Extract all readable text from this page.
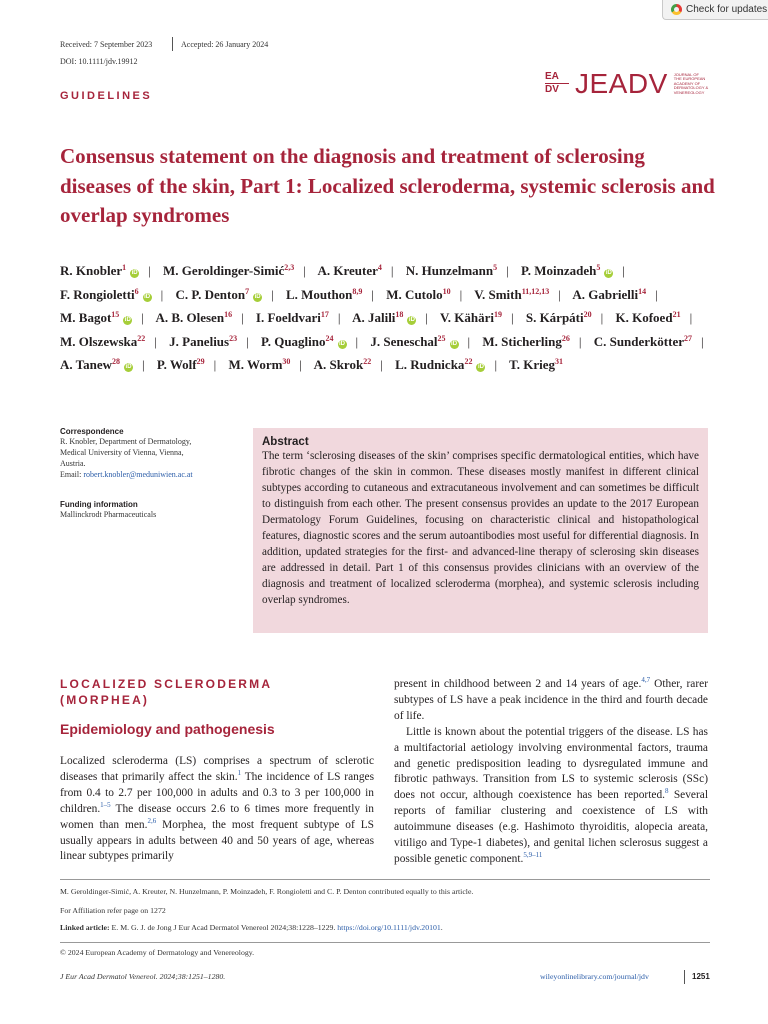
Check for updates
Received: 7 September 2023	Accepted: 26 January 2024
DOI: 10.1111/jdv.19912
GUIDELINES
EA
DV JEADV JOURNAL OF
THE EUROPEAN
ACADEMY OF
DERMATOLOGY &
VENEREOLOGY
Consensus statement on the diagnosis and treatment of sclerosing diseases of the skin, Part 1: Localized scleroderma, systemic sclerosis and overlap syndromes
R. Knobler$^1$iD | M. Geroldinger-Simić$^{2,3}$ | A. Kreuter$^4$ | N. Hunzelmann$^5$ | P. Moinzadeh$^5$iD | F. Rongioletti$^6$iD | C. P. Denton$^7$iD | L. Mouthon$^{8,9}$ | M. Cutolo$^{10}$ | V. Smith$^{11,12,13}$ | A. Gabrielli$^{14}$ | M. Bagot$^{15}$iD | A. B. Olesen$^{16}$ | I. Foeldvari$^{17}$ | A. Jalili$^{18}$iD | V. Kähäri$^{19}$ | S. Kárpáti$^{20}$ | K. Kofoed$^{21}$ | M. Olszewska$^{22}$ | J. Panelius$^{23}$ | P. Quaglino$^{24}$iD | J. Seneschal$^{25}$iD | M. Sticherling$^{26}$ | C. Sunderkötter$^{27}$ | A. Tanew$^{28}$iD | P. Wolf$^{29}$ | M. Worm$^{30}$ | A. Skrok$^{22}$ | L. Rudnicka$^{22}$iD | T. Krieg$^{31}$
Correspondence
R. Knobler, Department of Dermatology,
Medical University of Vienna, Vienna,
Austria.
Email: robert.knobler@meduniwien.ac.at
Funding information
Mallinckrodt Pharmaceuticals
Abstract
The term ‘sclerosing diseases of the skin’ comprises specific dermatological entities, which have fibrotic changes of the skin in common. These diseases mostly manifest in different clinical subtypes according to cutaneous and extracutaneous involvement and can sometimes be difficult to distinguish from each other. The present consensus provides an update to the 2017 European Dermatology Forum Guidelines, focusing on characteristic clinical and histopathological features, diagnostic scores and the serum autoantibodies most useful for differential diagnosis. In addition, updated strategies for the first- and advanced-line therapy of sclerosing skin diseases are addressed in detail. Part 1 of this consensus provides clinicians with an overview of the diagnosis and treatment of localized scleroderma (morphea), and systemic sclerosis including overlap syndromes.
LOCALIZED SCLERODERMA
(MORPHEA)
Epidemiology and pathogenesis

Localized scleroderma (LS) comprises a spectrum of sclerotic diseases that primarily affect the skin.$^1$ The incidence of LS ranges from 0.4 to 2.7 per 100,000 in adults and 0.3 to 3 per 100,000 in children.$^{1-5}$ The disease occurs 2.6 to 6 times more frequently in women than men.$^{2,6}$ Morphea, the most frequent subtype of LS usually appears in adults between 40 and 50 years of age, whereas linear subtypes primarily

present in childhood between 2 and 14 years of age.$^{4,7}$ Other, rarer subtypes of LS have a peak incidence in the third and fourth decade of life.

Little is known about the potential triggers of the disease. LS has a multifactorial aetiology involving environmental factors, trauma and genetic predisposition leading to dysregulated immune and fibrotic pathways. Transition from LS to systemic sclerosis (SSc) does not occur, although coexistence has been reported.$^8$ Several reports of familiar clustering and coexistence of LS with autoimmune diseases (e.g. Hashimoto thyroiditis, alopecia areata, vitiligo and Type-1 diabetes), and genital lichen sclerosus suggest a possible genetic component.$^{5,9-11}$

M. Geroldinger-Simić, A. Kreuter, N. Hunzelmann, P. Moinzadeh, F. Rongioletti and C. P. Denton contributed equally to this article.
For Affiliation refer page on 1272
Linked article: E. M. G. J. de Jong J Eur Acad Dermatol Venereol 2024;38:1228–1229. https://doi.org/10.1111/jdv.20101.
© 2024 European Academy of Dermatology and Venereology.
J Eur Acad Dermatol Venereol. 2024;38:1251–1280.	wileyonlinelibrary.com/journal/jdv	1251
